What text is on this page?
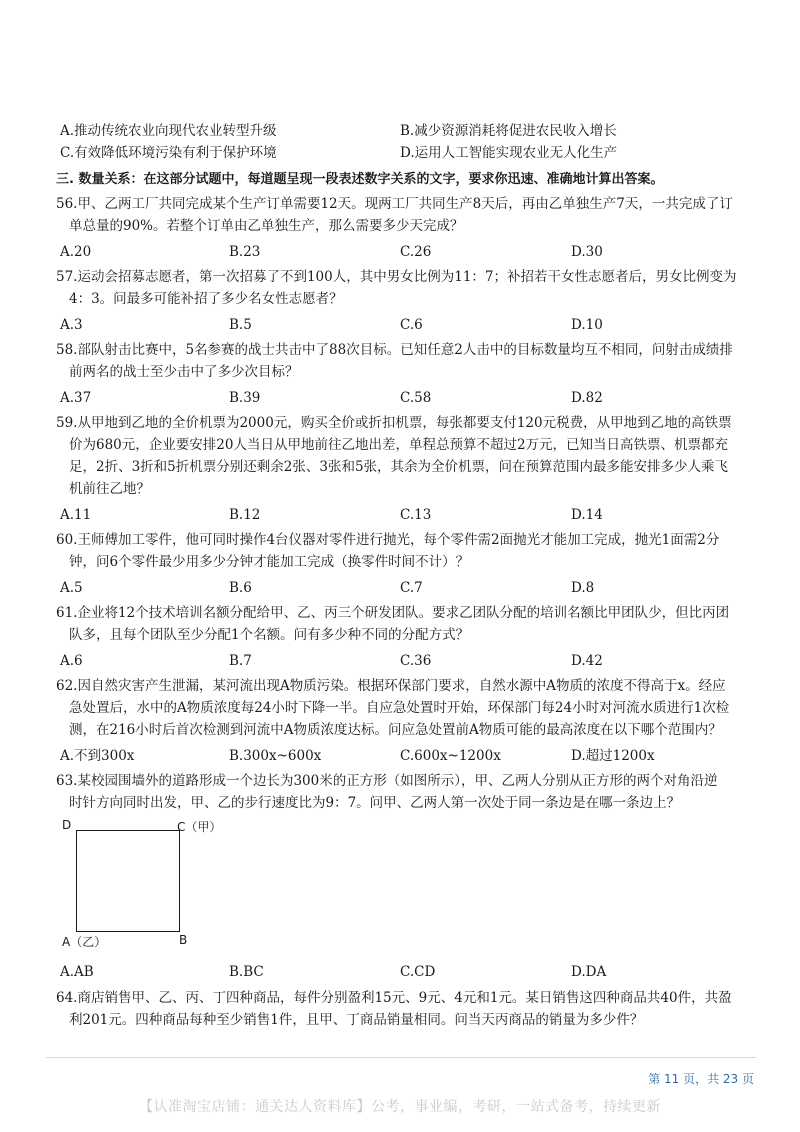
A.推动传统农业向现代农业转型升级	B.减少资源消耗将促进农民收入增长
C.有效降低环境污染有利于保护环境	D.运用人工智能实现农业无人化生产
三. 数量关系：在这部分试题中，每道题呈现一段表述数字关系的文字，要求你迅速、准确地计算出答案。
56.甲、乙两工厂共同完成某个生产订单需要12天。现两工厂共同生产8天后，再由乙单独生产7天，一共完成了订
单总量的90%。若整个订单由乙单独生产，那么需要多少天完成？
A.20	B.23	C.26	D.30
57.运动会招募志愿者，第一次招募了不到100人，其中男女比例为11：7；补招若干女性志愿者后，男女比例变为
4：3。问最多可能补招了多少名女性志愿者？
A.3	B.5	C.6	D.10
58.部队射击比赛中，5名参赛的战士共击中了88次目标。已知任意2人击中的目标数量均互不相同，问射击成绩排
前两名的战士至少击中了多少次目标？
A.37	B.39	C.58	D.82
59.从甲地到乙地的全价机票为2000元，购买全价或折扣机票，每张都要支付120元税费，从甲地到乙地的高铁票
价为680元，企业要安排20人当日从甲地前往乙地出差，单程总预算不超过2万元，已知当日高铁票、机票都充
足，2折、3折和5折机票分别还剩余2张、3张和5张，其余为全价机票，问在预算范围内最多能安排多少人乘飞
机前往乙地？
A.11	B.12	C.13	D.14
60.王师傅加工零件，他可同时操作4台仪器对零件进行抛光，每个零件需2面抛光才能加工完成，抛光1面需2分
钟，问6个零件最少用多少分钟才能加工完成（换零件时间不计）？
A.5	B.6	C.7	D.8
61.企业将12个技术培训名额分配给甲、乙、丙三个研发团队。要求乙团队分配的培训名额比甲团队少，但比丙团
队多，且每个团队至少分配1个名额。问有多少种不同的分配方式？
A.6	B.7	C.36	D.42
62.因自然灾害产生泄漏，某河流出现A物质污染。根据环保部门要求，自然水源中A物质的浓度不得高于x。经应
急处置后，水中的A物质浓度每24小时下降一半。自应急处置时开始，环保部门每24小时对河流水质进行1次检
测，在216小时后首次检测到河流中A物质浓度达标。问应急处置前A物质可能的最高浓度在以下哪个范围内？
A.不到300x	B.300x~600x	C.600x~1200x	D.超过1200x
63.某校园围墙外的道路形成一个边长为300米的正方形（如图所示），甲、乙两人分别从正方形的两个对角沿逆
时针方向同时出发，甲、乙的步行速度比为9：7。问甲、乙两人第一次处于同一条边是在哪一条边上？
D	C（甲）
A（乙）	B
A.AB	B.BC	C.CD	D.DA
64.商店销售甲、乙、丙、丁四种商品，每件分别盈利15元、9元、4元和1元。某日销售这四种商品共40件，共盈
利201元。四种商品每种至少销售1件，且甲、丁商品销量相同。问当天丙商品的销量为多少件？
第 11 页，共 23 页
【认准淘宝店铺：通关达人资料库】公考，事业编，考研，一站式备考，持续更新
